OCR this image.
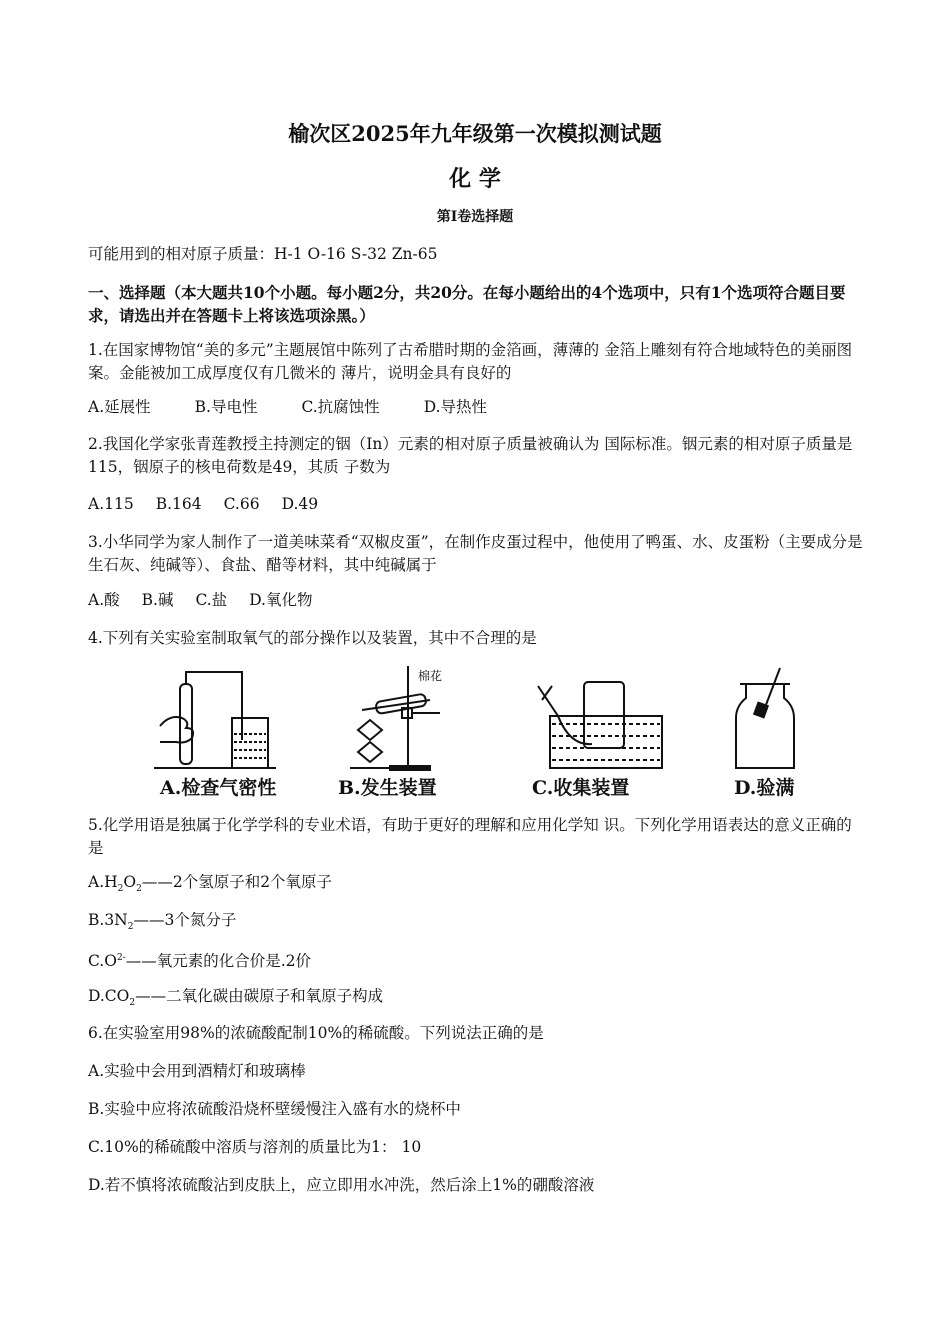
榆次区2025年九年级第一次模拟测试题
化 学
第I卷选择题
可能用到的相对原子质量：H-1 O-16 S-32 Zn-65
一、选择题（本大题共10个小题。每小题2分，共20分。在每小题给出的4个选项中，只有1个选项符合题目要求，请选出并在答题卡上将该选项涂黑。）
1.在国家博物馆“美的多元”主题展馆中陈列了古希腊时期的金箔画，薄薄的 金箔上雕刻有符合地域特色的美丽图案。金能被加工成厚度仅有几微米的 薄片，说明金具有良好的
A.延展性	B.导电性	C.抗腐蚀性	D.导热性
2.我国化学家张青莲教授主持测定的铟（In）元素的相对原子质量被确认为 国际标准。铟元素的相对原子质量是115，铟原子的核电荷数是49，其质 子数为
A.115 B.164 C.66 D.49
3.小华同学为家人制作了一道美味菜肴“双椒皮蛋”，在制作皮蛋过程中，他使用了鸭蛋、水、皮蛋粉（主要成分是生石灰、纯碱等）、食盐、醋等材料，其中纯碱属于
A.酸 B.碱 C.盐 D.氧化物
4.下列有关实验室制取氧气的部分操作以及装置，其中不合理的是
棉花
A.检查气密性	B.发生装置	C.收集装置	D.验满
5.化学用语是独属于化学学科的专业术语，有助于更好的理解和应用化学知 识。下列化学用语表达的意义正确的是
$A.H_2O_2——2$个氢原子和2个氧原子
$B.3N_2——3$个氮分子
$C.O^{2-}——$氧元素的化合价是.2价
$D.CO_2——$二氧化碳由碳原子和氧原子构成
6.在实验室用98%的浓硫酸配制10%的稀硫酸。下列说法正确的是
A.实验中会用到酒精灯和玻璃棒
B.实验中应将浓硫酸沿烧杯壁缓慢注入盛有水的烧杯中
C.10%的稀硫酸中溶质与溶剂的质量比为1： 10
D.若不慎将浓硫酸沾到皮肤上，应立即用水冲洗，然后涂上1%的硼酸溶液
